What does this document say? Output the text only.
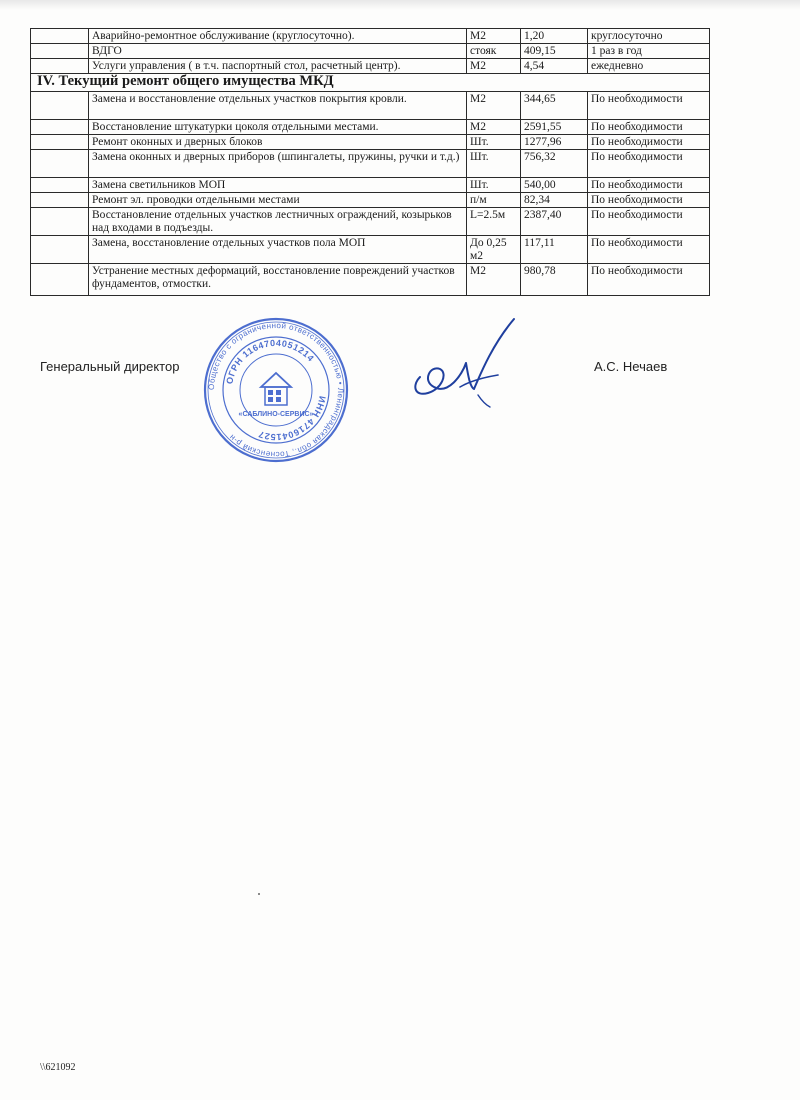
	Аварийно-ремонтное обслуживание (круглосуточно).	М2	1,20	круглосуточно
	ВДГО	стояк	409,15	1 раз в год
	Услуги управления ( в т.ч. паспортный стол, расчетный центр).	М2	4,54	ежедневно
IV. Текущий ремонт общего имущества МКД				
	Замена и восстановление отдельных участков покрытия кровли.	М2	344,65	По необходимости
	Восстановление штукатурки цоколя отдельными местами.	М2	2591,55	По необходимости
	Ремонт оконных и дверных блоков	Шт.	1277,96	По необходимости
	Замена оконных и дверных приборов (шпингалеты, пружины, ручки и т.д.)	Шт.	756,32	По необходимости
	Замена светильников МОП	Шт.	540,00	По необходимости
	Ремонт эл. проводки отдельными местами	п/м	82,34	По необходимости
	Восстановление отдельных участков лестничных ограждений, козырьков над входами в подъезды.	L=2.5м	2387,40	По необходимости
	Замена, восстановление отдельных участков пола МОП	До 0,25 м2	117,11	По необходимости
	Устранение местных деформаций, восстановление повреждений участков фундаментов, отмостки.	М2	980,78	По необходимости
Генеральный директор	А.С. Нечаев
Общество с ограниченной ответственностью • Ленинградская обл., Тосненский р-н
ОГРН 1164704051214
ИНН 4716041527
«САБЛИНО-СЕРВИС»
\\621092
